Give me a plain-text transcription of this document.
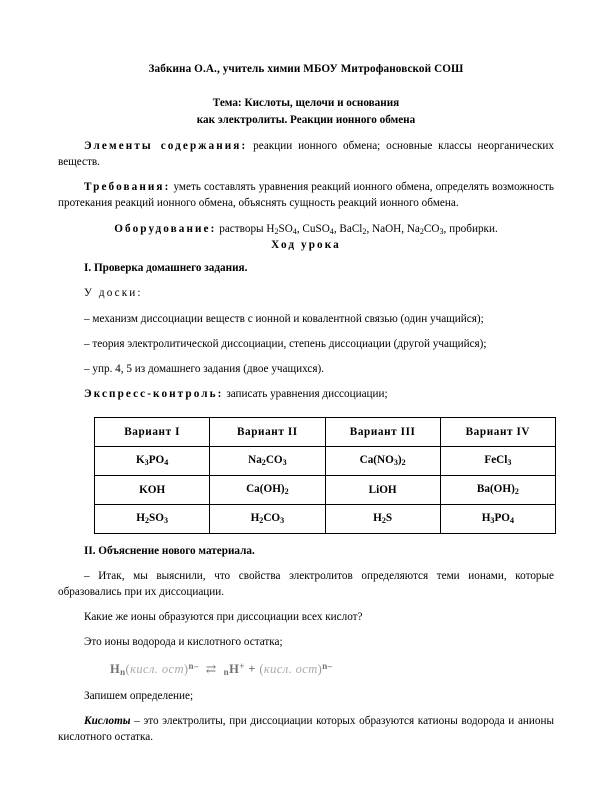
Забкина О.А., учитель химии МБОУ Митрофановской СОШ
Тема: Кислоты, щелочи и основания
как электролиты. Реакции ионного обмена

Элементы содержания: реакции ионного обмена; основные классы неорганических веществ.

Требования: уметь составлять уравнения реакций ионного обмена, определять возможность протекания реакций ионного обмена, объяснять сущность реакций ионного обмена.

Оборудование: растворы $H_2SO_4$, CuSO$_4$, BaCl$_2$, NaOH, $Na_2CO_3$, пробирки.

Ход урока

I. Проверка домашнего задания.

У доски:

– механизм диссоциации веществ с ионной и ковалентной связью (один учащийся);

– теория электролитической диссоциации, степень диссоциации (другой учащийся);

– упр. 4, 5 из домашнего задания (двое учащихся).

Экспресс-контроль: записать уравнения диссоциации;

Вариант I	Вариант II	Вариант III	Вариант IV
$K_3PO_4$	$Na_2CO_3$	$Ca(NO_3)_2$	FeCl$_3$
KOH	$Ca(OH)_2$	LiOH	$Ba(OH)_2$
$H_2SO_3$	$H_2CO_3$	$H_2S$	$H_3PO_4$

II. Объяснение нового материала.

– Итак, мы выяснили, что свойства электролитов определяются теми ионами, которые образовались при их диссоциации.

Какие же ионы образуются при диссоциации всех кислот?

Это ионы водорода и кислотного остатка;

$H_n(кисл$. ост)$^{n-}$ ⇄ $_n$H+ + (кисл. ост)$^{n-}$

Запишем определение;

Кислоты – это электролиты, при диссоциации которых образуются катионы водорода и анионы кислотного остатка.
